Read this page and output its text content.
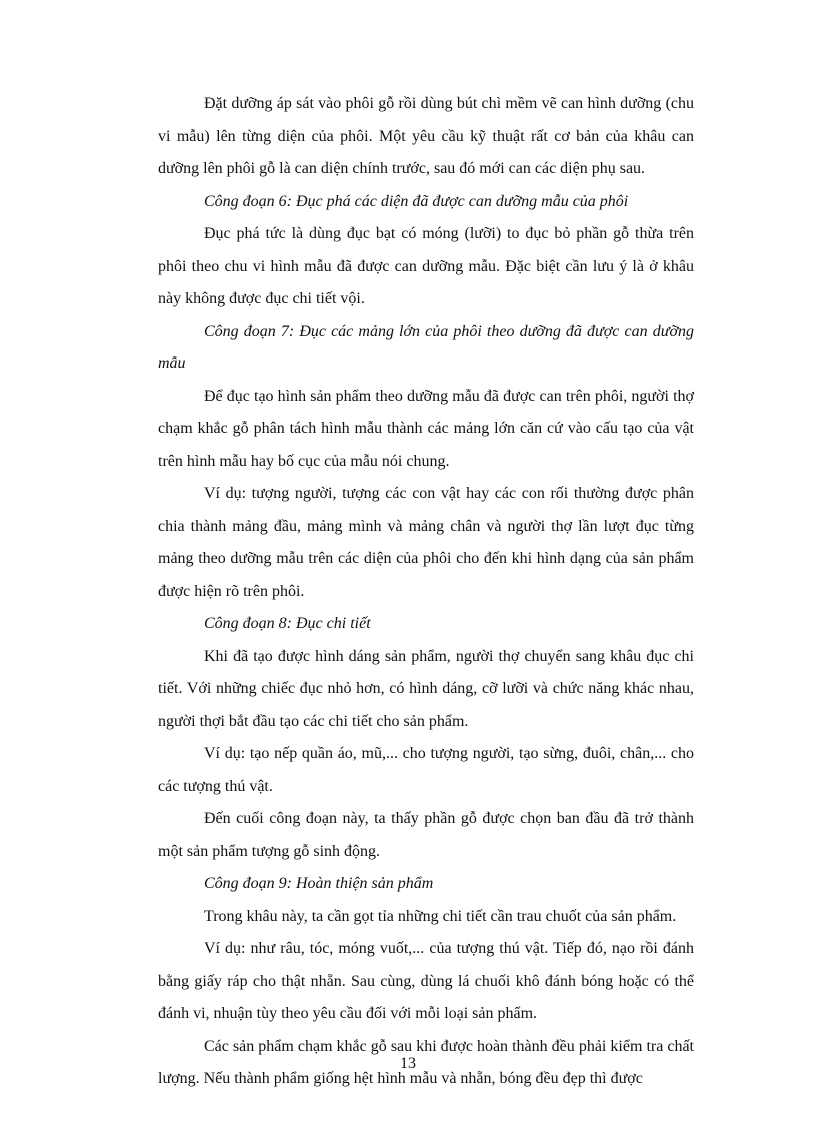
Đặt dưỡng áp sát vào phôi gỗ rồi dùng bút chì mềm vẽ can hình dưỡng (chu vi mẫu) lên từng diện của phôi. Một yêu cầu kỹ thuật rất cơ bản của khâu can dưỡng lên phôi gỗ là can diện chính trước, sau đó mới can các diện phụ sau.

Công đoạn 6: Đục phá các diện đã được can dưỡng mẫu của phôi

Đục phá tức là dùng đục bạt có móng (lưỡi) to đục bỏ phần gỗ thừa trên phôi theo chu vi hình mẫu đã được can dưỡng mẫu. Đặc biệt cần lưu ý là ở khâu này không được đục chi tiết vội.

Công đoạn 7: Đục các mảng lớn của phôi theo dưỡng đã được can dưỡng mẫu

Để đục tạo hình sản phẩm theo dưỡng mẫu đã được can trên phôi, người thợ chạm khắc gỗ phân tách hình mẫu thành các mảng lớn căn cứ vào cấu tạo của vật trên hình mẫu hay bố cục của mẫu nói chung.

Ví dụ: tượng người, tượng các con vật hay các con rối thường được phân chia thành mảng đầu, mảng mình và mảng chân và người thợ lần lượt đục từng mảng theo dưỡng mẫu trên các diện của phôi cho đến khi hình dạng của sản phẩm được hiện rõ trên phôi.

Công đoạn 8: Đục chi tiết

Khi đã tạo được hình dáng sản phẩm, người thợ chuyển sang khâu đục chi tiết. Với những chiếc đục nhỏ hơn, có hình dáng, cỡ lưỡi và chức năng khác nhau, người thợi bắt đầu tạo các chi tiết cho sản phẩm.

Ví dụ: tạo nếp quần áo, mũ,... cho tượng người, tạo sừng, đuôi, chân,... cho các tượng thú vật.

Đến cuối công đoạn này, ta thấy phần gỗ được chọn ban đầu đã trở thành một sản phẩm tượng gỗ sinh động.

Công đoạn 9: Hoàn thiện sản phẩm

Trong khâu này, ta cần gọt tỉa những chi tiết cần trau chuốt của sản phẩm.

Ví dụ: như râu, tóc, móng vuốt,... của tượng thú vật. Tiếp đó, nạo rồi đánh bằng giấy ráp cho thật nhẵn. Sau cùng, dùng lá chuối khô đánh bóng hoặc có thể đánh vi, nhuận tùy theo yêu cầu đối với mỗi loại sản phẩm.

Các sản phẩm chạm khắc gỗ sau khi được hoàn thành đều phải kiểm tra chất lượng. Nếu thành phẩm giống hệt hình mẫu và nhẵn, bóng đều đẹp thì được

13
